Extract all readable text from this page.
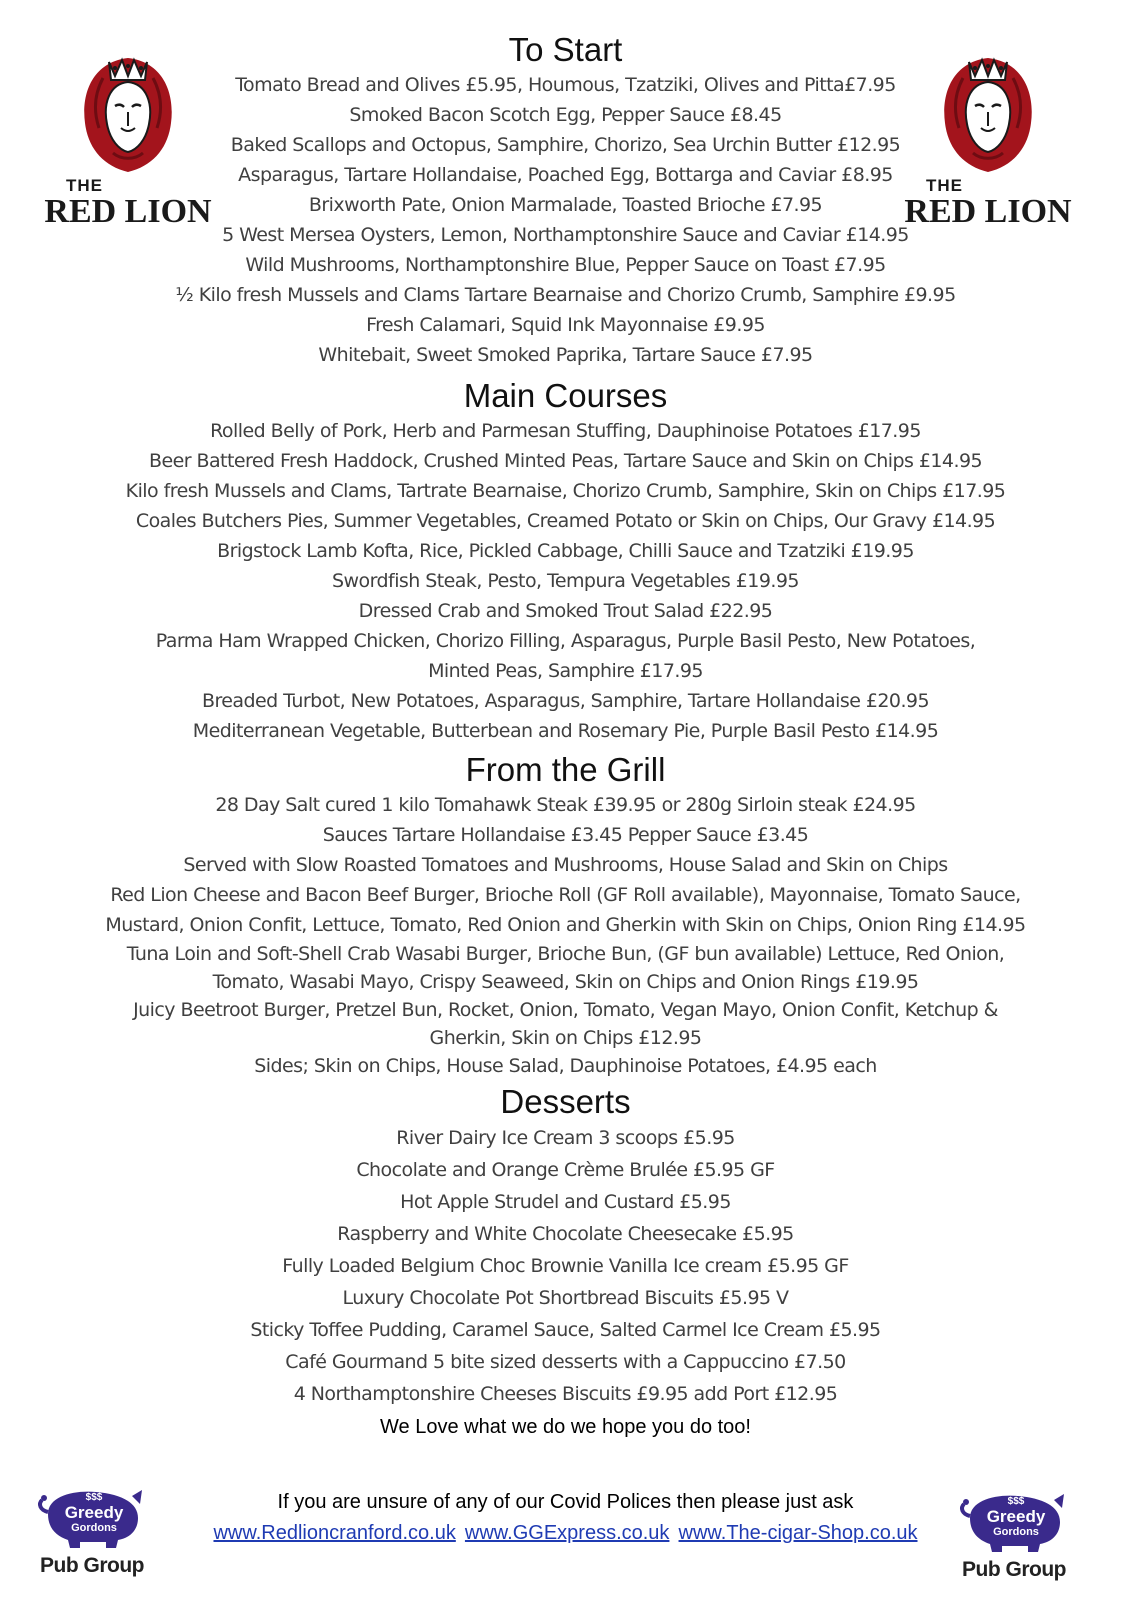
THE
RED LION
THE
RED LION
To Start
Tomato Bread and Olives £5.95, Houmous, Tzatziki, Olives and Pitta£7.95
Smoked Bacon Scotch Egg, Pepper Sauce £8.45
Baked Scallops and Octopus, Samphire, Chorizo, Sea Urchin Butter £12.95
Asparagus, Tartare Hollandaise, Poached Egg, Bottarga and Caviar £8.95
Brixworth Pate, Onion Marmalade, Toasted Brioche £7.95
5 West Mersea Oysters, Lemon, Northamptonshire Sauce and Caviar £14.95
Wild Mushrooms, Northamptonshire Blue, Pepper Sauce on Toast £7.95
½ Kilo fresh Mussels and Clams Tartare Bearnaise and Chorizo Crumb, Samphire £9.95
Fresh Calamari, Squid Ink Mayonnaise £9.95
Whitebait, Sweet Smoked Paprika, Tartare Sauce £7.95
Main Courses
Rolled Belly of Pork, Herb and Parmesan Stuffing, Dauphinoise Potatoes £17.95
Beer Battered Fresh Haddock, Crushed Minted Peas, Tartare Sauce and Skin on Chips £14.95
Kilo fresh Mussels and Clams, Tartrate Bearnaise, Chorizo Crumb, Samphire, Skin on Chips £17.95
Coales Butchers Pies, Summer Vegetables, Creamed Potato or Skin on Chips, Our Gravy £14.95
Brigstock Lamb Kofta, Rice, Pickled Cabbage, Chilli Sauce and Tzatziki £19.95
Swordfish Steak, Pesto, Tempura Vegetables £19.95
Dressed Crab and Smoked Trout Salad £22.95
Parma Ham Wrapped Chicken, Chorizo Filling, Asparagus, Purple Basil Pesto, New Potatoes,
Minted Peas, Samphire £17.95
Breaded Turbot, New Potatoes, Asparagus, Samphire, Tartare Hollandaise £20.95
Mediterranean Vegetable, Butterbean and Rosemary Pie, Purple Basil Pesto £14.95
From the Grill
28 Day Salt cured 1 kilo Tomahawk Steak £39.95 or 280g Sirloin steak £24.95
Sauces Tartare Hollandaise £3.45 Pepper Sauce £3.45
Served with Slow Roasted Tomatoes and Mushrooms, House Salad and Skin on Chips
Red Lion Cheese and Bacon Beef Burger, Brioche Roll (GF Roll available), Mayonnaise, Tomato Sauce,
Mustard, Onion Confit, Lettuce, Tomato, Red Onion and Gherkin with Skin on Chips, Onion Ring £14.95
Tuna Loin and Soft-Shell Crab Wasabi Burger, Brioche Bun, (GF bun available) Lettuce, Red Onion,
Tomato, Wasabi Mayo, Crispy Seaweed, Skin on Chips and Onion Rings £19.95
Juicy Beetroot Burger, Pretzel Bun, Rocket, Onion, Tomato, Vegan Mayo, Onion Confit, Ketchup &
Gherkin, Skin on Chips £12.95
Sides; Skin on Chips, House Salad, Dauphinoise Potatoes, £4.95 each
Desserts
River Dairy Ice Cream 3 scoops £5.95
Chocolate and Orange Crème Brulée £5.95 GF
Hot Apple Strudel and Custard £5.95
Raspberry and White Chocolate Cheesecake £5.95
Fully Loaded Belgium Choc Brownie Vanilla Ice cream £5.95 GF
Luxury Chocolate Pot Shortbread Biscuits £5.95 V
Sticky Toffee Pudding, Caramel Sauce, Salted Carmel Ice Cream £5.95
Café Gourmand 5 bite sized desserts with a Cappuccino £7.50
4 Northamptonshire Cheeses Biscuits £9.95 add Port £12.95
We Love what we do we hope you do too!
If you are unsure of any of our Covid Polices then please just ask
www.Redlioncranford.co.uk www.GGExpress.co.uk www.The-cigar-Shop.co.uk
$$$
Greedy
Gordons
Pub Group
$$$
Greedy
Gordons
Pub Group
